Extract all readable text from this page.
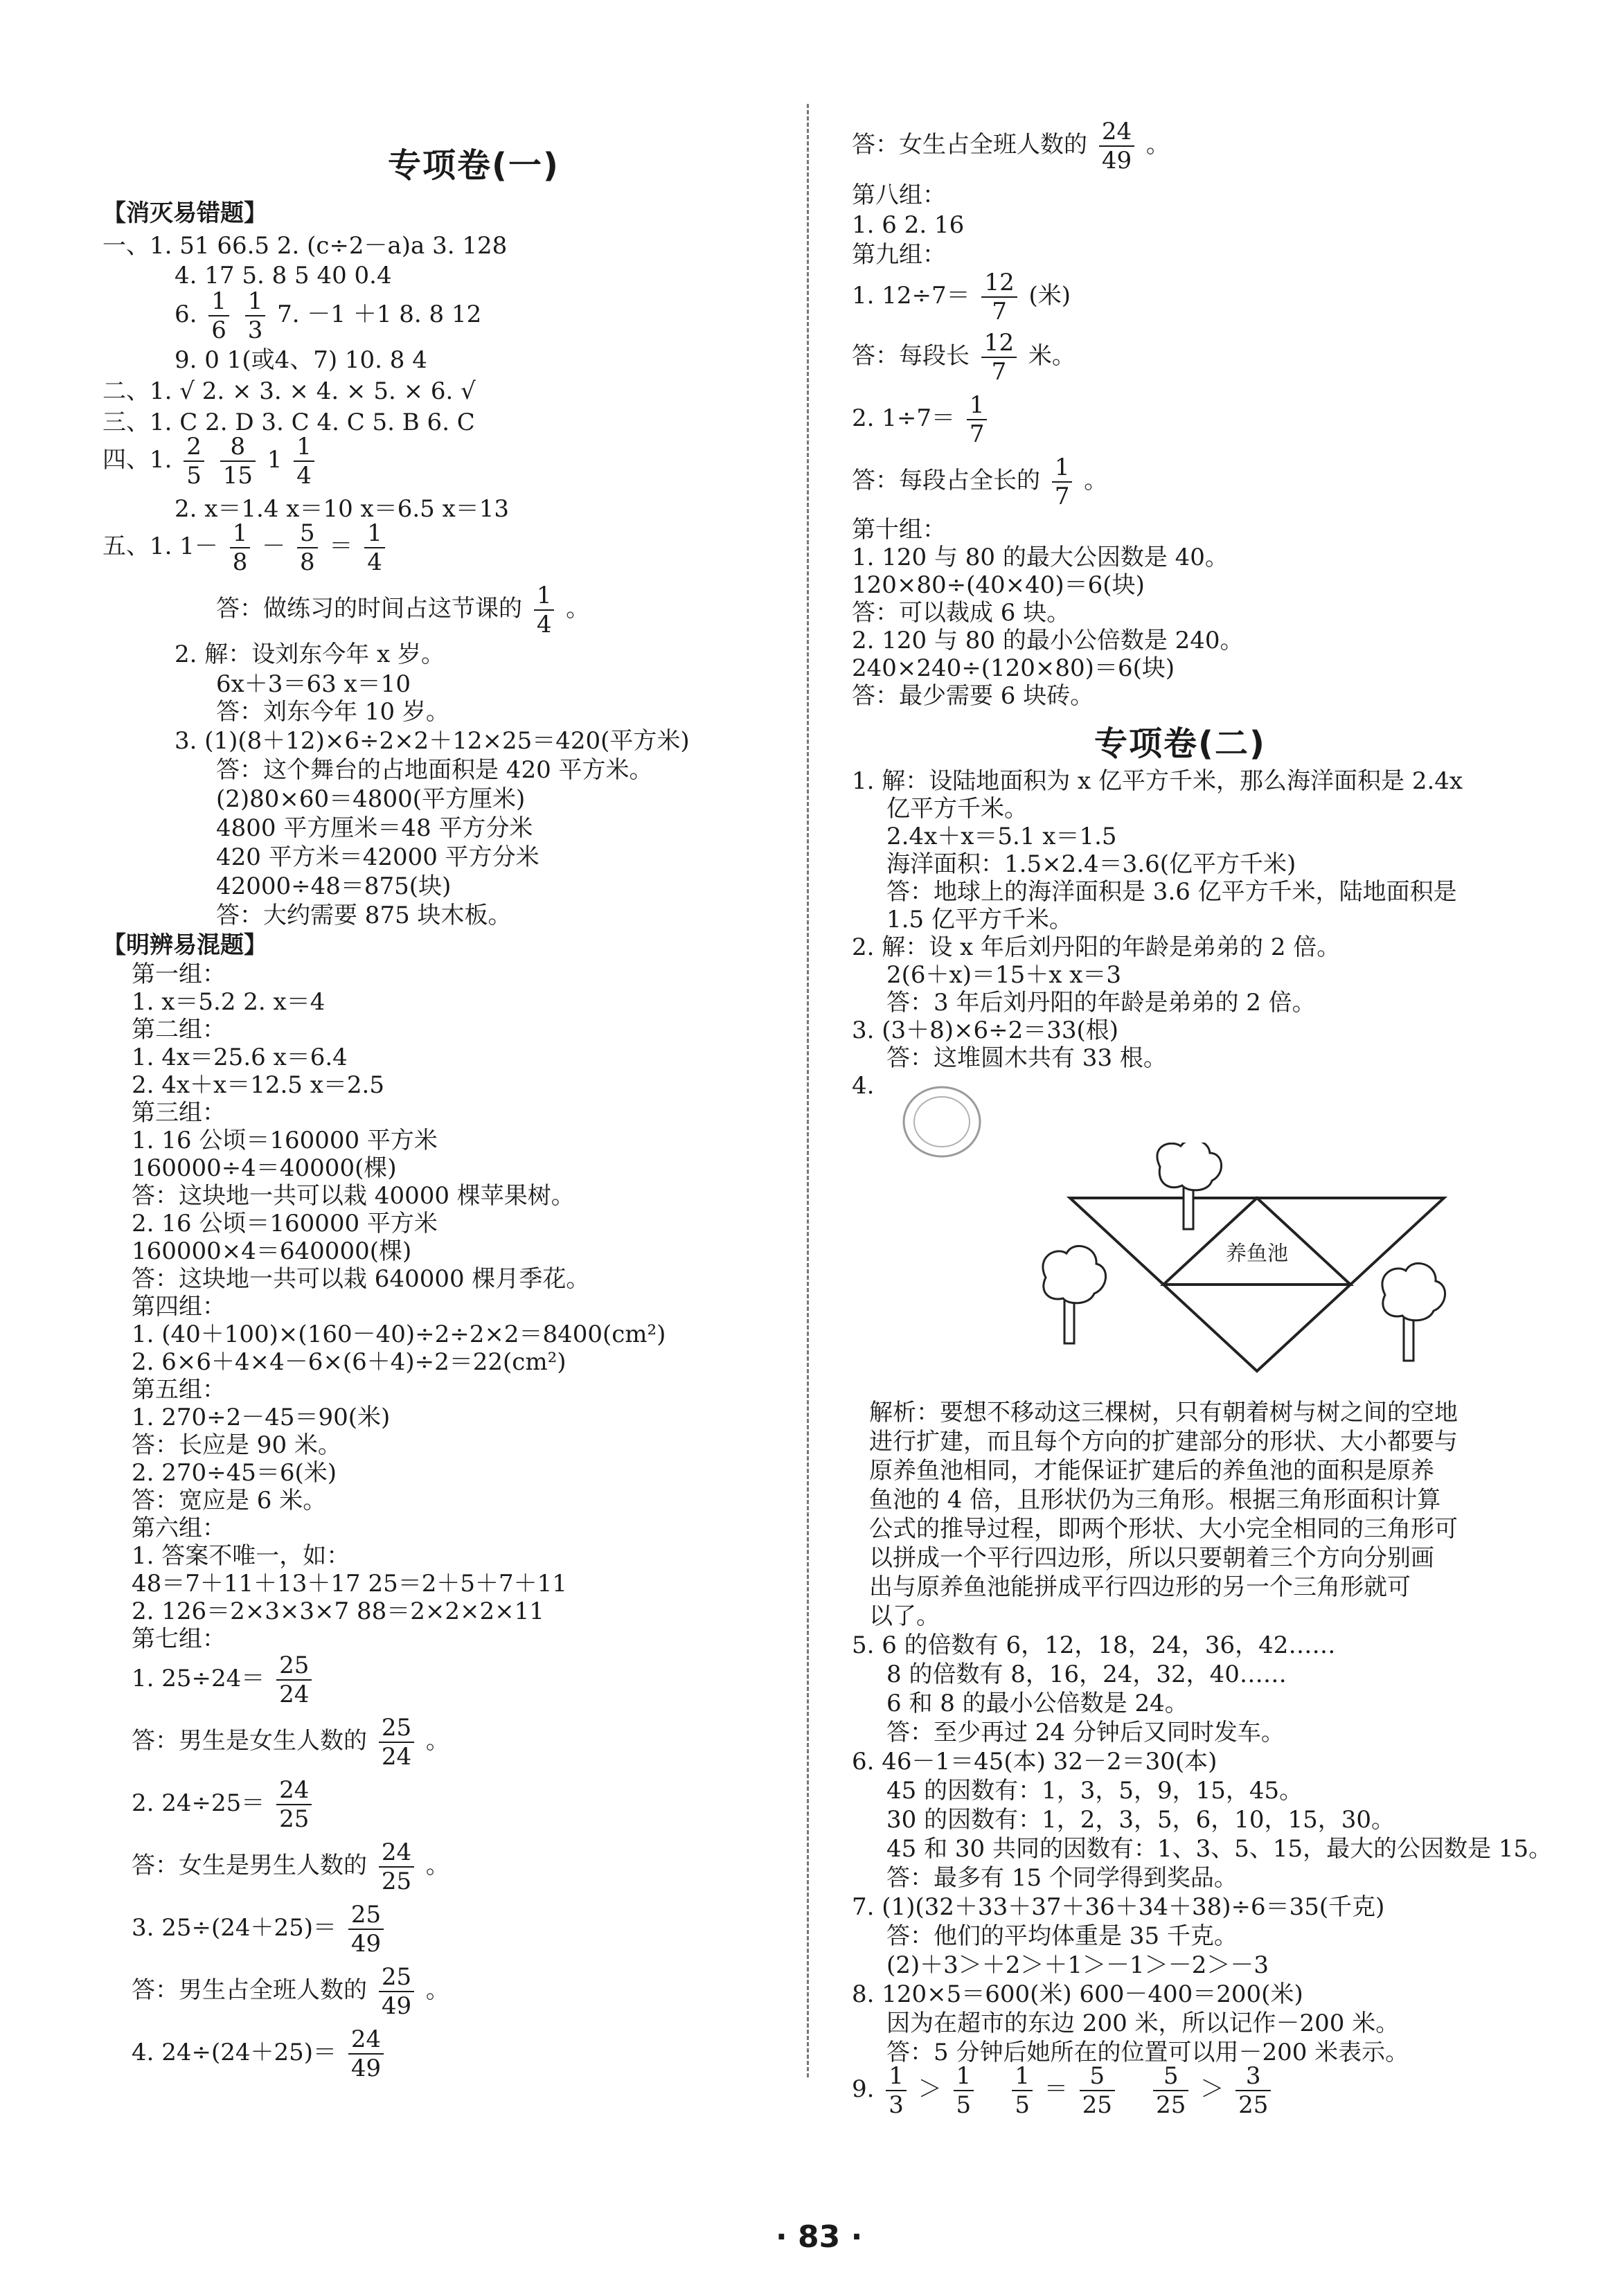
专项卷(一)
【消灭易错题】
一、1. 51 66.5 2. (c÷2－a)a 3. 128
4. 17 5. 8 5 40 0.4
6. $\frac{1}{6}$
$\frac{1}{3} 7$. －1 ＋1 8. 8 12
9. 0 1(或4、7) 10. 8 4
二、1. √ 2. × 3. × 4. × 5. × 6. √
三、1. C 2. D 3. C 4. C 5. B 6. C
四、1. $\frac{2}{5}$
$\frac{8}{15} 1 \frac{1}{4}$
2. x＝1.4 x＝10 x＝6.5 x＝13
五、1. $1- \frac{1}{8} - \frac{5}{8} = \frac{1}{4}$
答：做练习的时间占这节课的 $\frac{1}{4}$ 。
2. 解：设刘东今年 x 岁。
6x＋3＝63 x＝10
答：刘东今年 10 岁。
3. (1)(8＋12)×6÷2×2＋12×25＝420(平方米)
答：这个舞台的占地面积是 420 平方米。
(2)80×60＝4800(平方厘米)
4800 平方厘米＝48 平方分米
420 平方米＝42000 平方分米
42000÷48＝875(块)
答：大约需要 875 块木板。
【明辨易混题】
第一组：
1. x＝5.2 2. x＝4
第二组：
1. 4x＝25.6 x＝6.4
2. 4x＋x＝12.5 x＝2.5
第三组：
1. 16 公顷＝160000 平方米
160000÷4＝40000(棵)
答：这块地一共可以栽 40000 棵苹果树。
2. 16 公顷＝160000 平方米
160000×4＝640000(棵)
答：这块地一共可以栽 640000 棵月季花。
第四组：
1. (40＋100)×(160－40)÷2÷2×2＝8400(cm²)
2. 6×6＋4×4－6×(6＋4)÷2＝22(cm²)
第五组：
1. 270÷2－45＝90(米)
答：长应是 90 米。
2. 270÷45＝6(米)
答：宽应是 6 米。
第六组：
1. 答案不唯一，如：
48＝7＋11＋13＋17 25＝2＋5＋7＋11
2. 126＝2×3×3×7 88＝2×2×2×11
第七组：
1. $25\div 24= \frac{25}{24}$
答：男生是女生人数的 $\frac{25}{24}$ 。
2. $24\div 25= \frac{24}{25}$
答：女生是男生人数的 $\frac{24}{25}$ 。
3. $25\div(24+25)= \frac{25}{49}$
答：男生占全班人数的 $\frac{25}{49}$ 。
4. $24\div(24+25)= \frac{24}{49}$
答：女生占全班人数的 $\frac{24}{49}$ 。
第八组：
1. 6 2. 16
第九组：
1. $12\div 7= \frac{12}{7}$ (米)
答：每段长 $\frac{12}{7}$ 米。
2. $1\div 7= \frac{1}{7}$
答：每段占全长的 $\frac{1}{7}$ 。
第十组：
1. 120 与 80 的最大公因数是 40。
120×80÷(40×40)＝6(块)
答：可以裁成 6 块。
2. 120 与 80 的最小公倍数是 240。
240×240÷(120×80)＝6(块)
答：最少需要 6 块砖。
专项卷(二)
1. 解：设陆地面积为 x 亿平方千米，那么海洋面积是 2.4x
亿平方千米。
2.4x＋x＝5.1 x＝1.5
海洋面积：1.5×2.4＝3.6(亿平方千米)
答：地球上的海洋面积是 3.6 亿平方千米，陆地面积是
1.5 亿平方千米。
2. 解：设 x 年后刘丹阳的年龄是弟弟的 2 倍。
2(6＋x)＝15＋x x＝3
答：3 年后刘丹阳的年龄是弟弟的 2 倍。
3. (3＋8)×6÷2＝33(根)
答：这堆圆木共有 33 根。
4.
养鱼池
解析：要想不移动这三棵树，只有朝着树与树之间的空地
进行扩建，而且每个方向的扩建部分的形状、大小都要与
原养鱼池相同，才能保证扩建后的养鱼池的面积是原养
鱼池的 4 倍，且形状仍为三角形。根据三角形面积计算
公式的推导过程，即两个形状、大小完全相同的三角形可
以拼成一个平行四边形，所以只要朝着三个方向分别画
出与原养鱼池能拼成平行四边形的另一个三角形就可
以了。
5. 6 的倍数有 6，12，18，24，36，42……
8 的倍数有 8，16，24，32，40……
6 和 8 的最小公倍数是 24。
答：至少再过 24 分钟后又同时发车。
6. 46－1＝45(本) 32－2＝30(本)
45 的因数有：1，3，5，9，15，45。
30 的因数有：1，2，3，5，6，10，15，30。
45 和 30 共同的因数有：1、3、5、15，最大的公因数是 15。
答：最多有 15 个同学得到奖品。
7. (1)(32＋33＋37＋36＋34＋38)÷6＝35(千克)
答：他们的平均体重是 35 千克。
(2)＋3＞＋2＞＋1＞－1＞－2＞－3
8. 120×5＝600(米) 600－400＝200(米)
因为在超市的东边 200 米，所以记作－200 米。
答：5 分钟后她所在的位置可以用－200 米表示。
9. $\frac{1}{3} > \frac{1}{5}$
$\frac{1}{5} = \frac{5}{25}$
$\frac{5}{25} > \frac{3}{25}$
· 83 ·
